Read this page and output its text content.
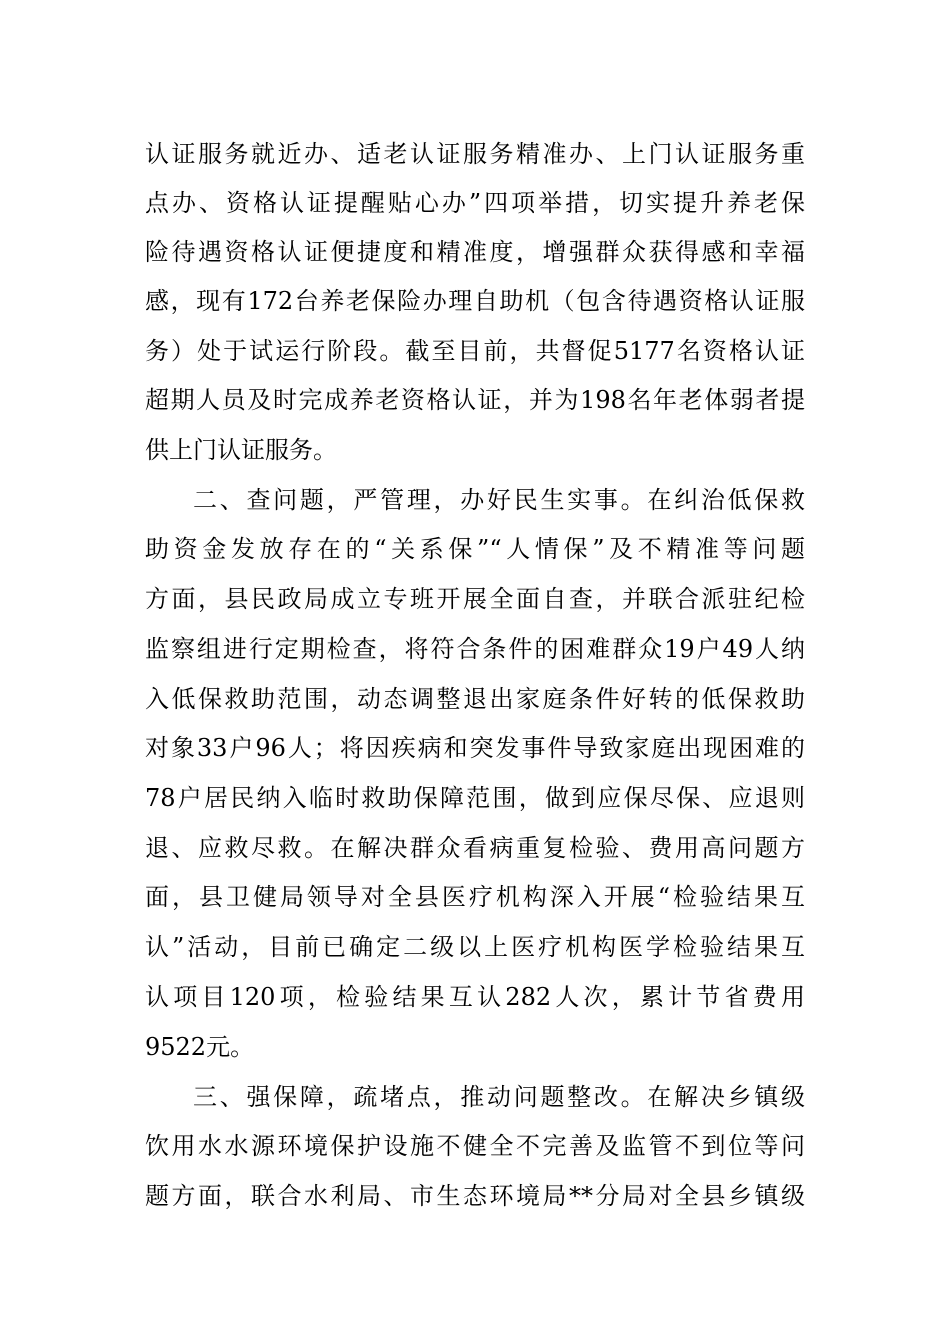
认证服务就近办、适老认证服务精准办、上门认证服务重
点办、资格认证提醒贴心办”四项举措，切实提升养老保
险待遇资格认证便捷度和精准度，增强群众获得感和幸福
感，现有172台养老保险办理自助机（包含待遇资格认证服
务）处于试运行阶段。截至目前，共督促5177名资格认证
超期人员及时完成养老资格认证，并为198名年老体弱者提
供上门认证服务。
二、查问题，严管理，办好民生实事。在纠治低保救
助资金发放存在的“关系保”“人情保”及不精准等问题
方面，县民政局成立专班开展全面自查，并联合派驻纪检
监察组进行定期检查，将符合条件的困难群众19户49人纳
入低保救助范围，动态调整退出家庭条件好转的低保救助
对象33户96人；将因疾病和突发事件导致家庭出现困难的
78户居民纳入临时救助保障范围，做到应保尽保、应退则
退、应救尽救。在解决群众看病重复检验、费用高问题方
面，县卫健局领导对全县医疗机构深入开展“检验结果互
认”活动，目前已确定二级以上医疗机构医学检验结果互
认项目120项，检验结果互认282人次，累计节省费用
9522元。
三、强保障，疏堵点，推动问题整改。在解决乡镇级
饮用水水源环境保护设施不健全不完善及监管不到位等问
题方面，联合水利局、市生态环境局**分局对全县乡镇级
